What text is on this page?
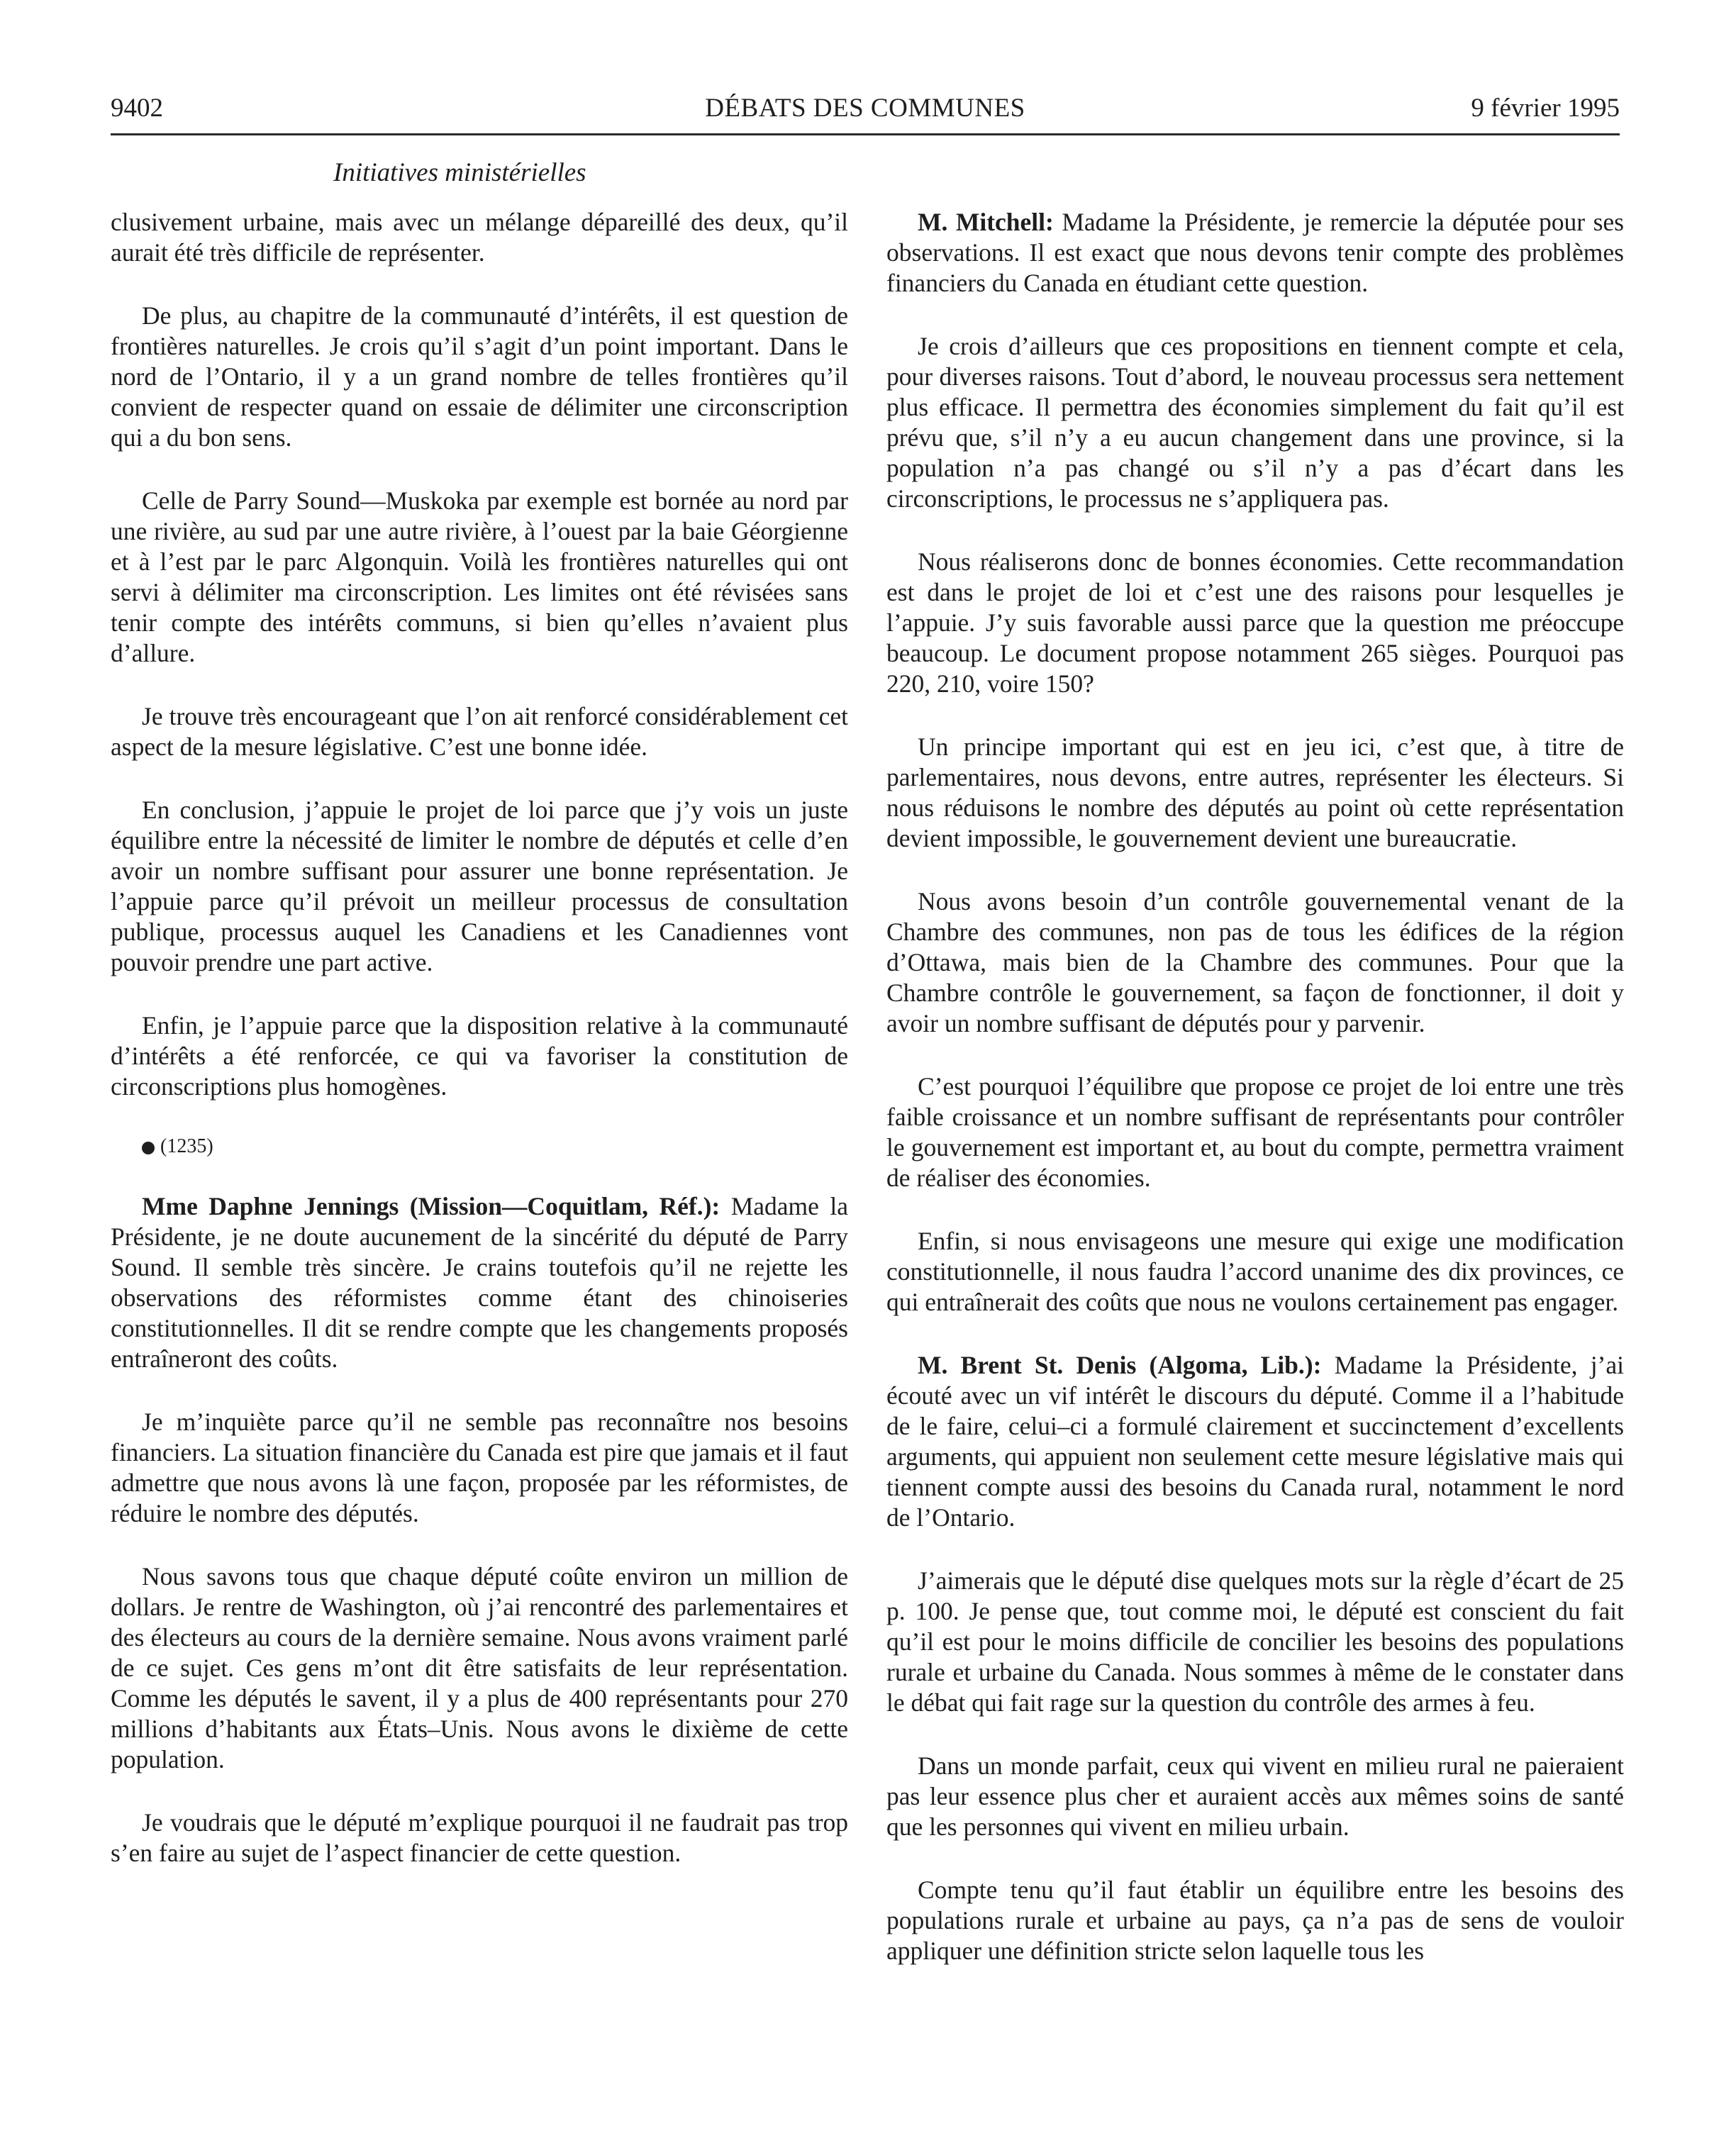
9402	DÉBATS DES COMMUNES	9 février 1995
Initiatives ministérielles

clusivement urbaine, mais avec un mélange dépareillé des deux, qu’il aurait été très difficile de représenter.

De plus, au chapitre de la communauté d’intérêts, il est question de frontières naturelles. Je crois qu’il s’agit d’un point important. Dans le nord de l’Ontario, il y a un grand nombre de telles frontières qu’il convient de respecter quand on essaie de délimiter une circonscription qui a du bon sens.

Celle de Parry Sound—Muskoka par exemple est bornée au nord par une rivière, au sud par une autre rivière, à l’ouest par la baie Géorgienne et à l’est par le parc Algonquin. Voilà les frontières naturelles qui ont servi à délimiter ma circonscription. Les limites ont été révisées sans tenir compte des intérêts communs, si bien qu’elles n’avaient plus d’allure.

Je trouve très encourageant que l’on ait renforcé considérablement cet aspect de la mesure législative. C’est une bonne idée.

En conclusion, j’appuie le projet de loi parce que j’y vois un juste équilibre entre la nécessité de limiter le nombre de députés et celle d’en avoir un nombre suffisant pour assurer une bonne représentation. Je l’appuie parce qu’il prévoit un meilleur processus de consultation publique, processus auquel les Canadiens et les Canadiennes vont pouvoir prendre une part active.

Enfin, je l’appuie parce que la disposition relative à la communauté d’intérêts a été renforcée, ce qui va favoriser la constitution de circonscriptions plus homogènes.

(1235)

Mme Daphne Jennings (Mission—Coquitlam, Réf.): Madame la Présidente, je ne doute aucunement de la sincérité du député de Parry Sound. Il semble très sincère. Je crains toutefois qu’il ne rejette les observations des réformistes comme étant des chinoiseries constitutionnelles. Il dit se rendre compte que les changements proposés entraîneront des coûts.

Je m’inquiète parce qu’il ne semble pas reconnaître nos besoins financiers. La situation financière du Canada est pire que jamais et il faut admettre que nous avons là une façon, proposée par les réformistes, de réduire le nombre des députés.

Nous savons tous que chaque député coûte environ un million de dollars. Je rentre de Washington, où j’ai rencontré des parlementaires et des électeurs au cours de la dernière semaine. Nous avons vraiment parlé de ce sujet. Ces gens m’ont dit être satisfaits de leur représentation. Comme les députés le savent, il y a plus de 400 représentants pour 270 millions d’habitants aux États–Unis. Nous avons le dixième de cette population.

Je voudrais que le député m’explique pourquoi il ne faudrait pas trop s’en faire au sujet de l’aspect financier de cette question.

M. Mitchell: Madame la Présidente, je remercie la députée pour ses observations. Il est exact que nous devons tenir compte des problèmes financiers du Canada en étudiant cette question.

Je crois d’ailleurs que ces propositions en tiennent compte et cela, pour diverses raisons. Tout d’abord, le nouveau processus sera nettement plus efficace. Il permettra des économies simplement du fait qu’il est prévu que, s’il n’y a eu aucun changement dans une province, si la population n’a pas changé ou s’il n’y a pas d’écart dans les circonscriptions, le processus ne s’appliquera pas.

Nous réaliserons donc de bonnes économies. Cette recommandation est dans le projet de loi et c’est une des raisons pour lesquelles je l’appuie. J’y suis favorable aussi parce que la question me préoccupe beaucoup. Le document propose notamment 265 sièges. Pourquoi pas 220, 210, voire 150?

Un principe important qui est en jeu ici, c’est que, à titre de parlementaires, nous devons, entre autres, représenter les électeurs. Si nous réduisons le nombre des députés au point où cette représentation devient impossible, le gouvernement devient une bureaucratie.

Nous avons besoin d’un contrôle gouvernemental venant de la Chambre des communes, non pas de tous les édifices de la région d’Ottawa, mais bien de la Chambre des communes. Pour que la Chambre contrôle le gouvernement, sa façon de fonctionner, il doit y avoir un nombre suffisant de députés pour y parvenir.

C’est pourquoi l’équilibre que propose ce projet de loi entre une très faible croissance et un nombre suffisant de représentants pour contrôler le gouvernement est important et, au bout du compte, permettra vraiment de réaliser des économies.

Enfin, si nous envisageons une mesure qui exige une modification constitutionnelle, il nous faudra l’accord unanime des dix provinces, ce qui entraînerait des coûts que nous ne voulons certainement pas engager.

M. Brent St. Denis (Algoma, Lib.): Madame la Présidente, j’ai écouté avec un vif intérêt le discours du député. Comme il a l’habitude de le faire, celui–ci a formulé clairement et succinctement d’excellents arguments, qui appuient non seulement cette mesure législative mais qui tiennent compte aussi des besoins du Canada rural, notamment le nord de l’Ontario.

J’aimerais que le député dise quelques mots sur la règle d’écart de 25 p. 100. Je pense que, tout comme moi, le député est conscient du fait qu’il est pour le moins difficile de concilier les besoins des populations rurale et urbaine du Canada. Nous sommes à même de le constater dans le débat qui fait rage sur la question du contrôle des armes à feu.

Dans un monde parfait, ceux qui vivent en milieu rural ne paieraient pas leur essence plus cher et auraient accès aux mêmes soins de santé que les personnes qui vivent en milieu urbain.

Compte tenu qu’il faut établir un équilibre entre les besoins des populations rurale et urbaine au pays, ça n’a pas de sens de vouloir appliquer une définition stricte selon laquelle tous les
